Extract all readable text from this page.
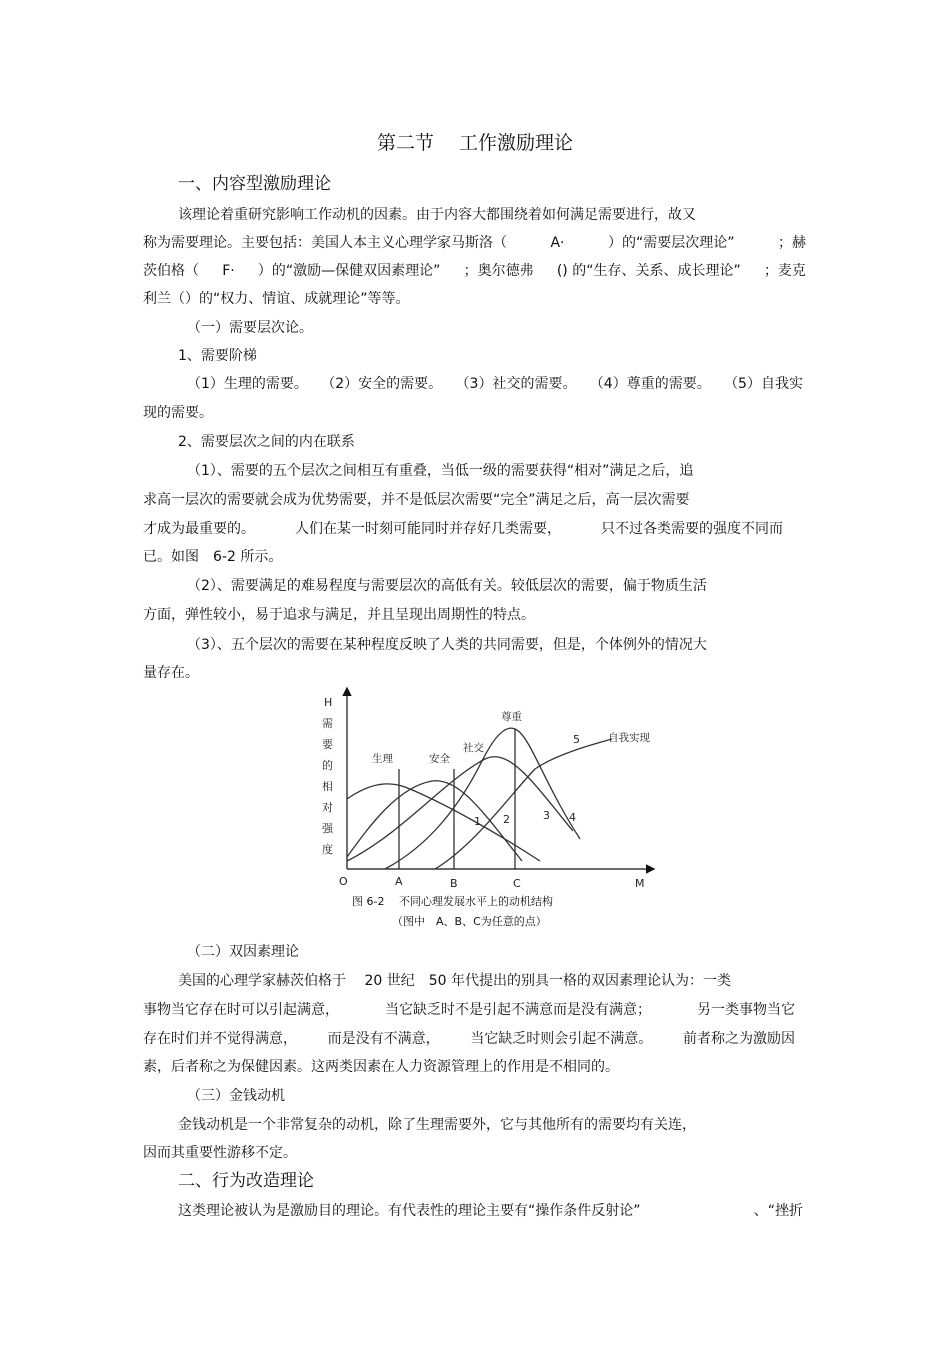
第二节　 工作激励理论
一、内容型激励理论
该理论着重研究影响工作动机的因素。由于内容大都围绕着如何满足需要进行，故又
称为需要理论。主要包括：美国人本主义心理学家马斯洛（	A·	）的“需要层次理论”	；赫
茨伯格（ F· ）的“激励—保健双因素理论” ；奥尔德弗 () 的“生存、关系、成长理论” ；麦克
利兰（）的“权力、情谊、成就理论”等等。
（一）需要层次论。
1、需要阶梯
（1）生理的需要。 （2）安全的需要。 （3）社交的需要。 （4）尊重的需要。 （5）自我实
现的需要。
2、需要层次之间的内在联系
（1）、需要的五个层次之间相互有重叠，当低一级的需要获得“相对”满足之后，追
求高一层次的需要就会成为优势需要，并不是低层次需要“完全”满足之后，高一层次需要
才成为最重要的。	人们在某一时刻可能同时并存好几类需要，	只不过各类需要的强度不同而
已。如图　6-2 所示。
（2）、需要满足的难易程度与需要层次的高低有关。较低层次的需要，偏于物质生活
方面，弹性较小，易于追求与满足，并且呈现出周期性的特点。
（3）、五个层次的需要在某种程度反映了人类的共同需要，但是，个体例外的情况大
量存在。
H
需
要
的
相
对
强
度
O	A	B	C	M
生理	安全
社交
尊重
自我实现
1 2	3 4
5
图 6-2　 不同心理发展水平上的动机结构
（图中　A、B、C为任意的点）
（二）双因素理论
美国的心理学家赫茨伯格于　 20 世纪　50 年代提出的别具一格的双因素理论认为：一类
事物当它存在时可以引起满意，	当它缺乏时不是引起不满意而是没有满意；	另一类事物当它
存在时们并不觉得满意， 而是没有不满意， 当它缺乏时则会引起不满意。 前者称之为激励因
素，后者称之为保健因素。这两类因素在人力资源管理上的作用是不相同的。
（三）金钱动机
金钱动机是一个非常复杂的动机，除了生理需要外，它与其他所有的需要均有关连，
因而其重要性游移不定。
二、行为改造理论
这类理论被认为是激励目的理论。有代表性的理论主要有“操作条件反射论”	、“挫折
